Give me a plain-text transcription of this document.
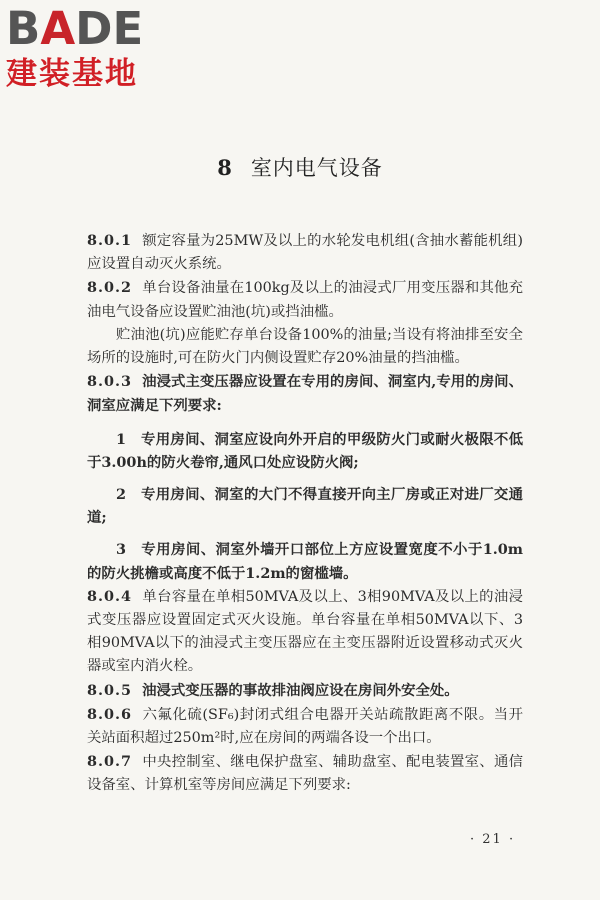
BADE
建装基地
8 室内电气设备

8.0.1 额定容量为25MW及以上的水轮发电机组(含抽水蓄能机组)应设置自动灭火系统。

8.0.2 单台设备油量在100kg及以上的油浸式厂用变压器和其他充油电气设备应设置贮油池(坑)或挡油槛。

贮油池(坑)应能贮存单台设备100%的油量;当设有将油排至安全场所的设施时,可在防火门内侧设置贮存20%油量的挡油槛。

8.0.3 油浸式主变压器应设置在专用的房间、洞室内,专用的房间、洞室应满足下列要求:

1　专用房间、洞室应设向外开启的甲级防火门或耐火极限不低于3.00h的防火卷帘,通风口处应设防火阀;

2　专用房间、洞室的大门不得直接开向主厂房或正对进厂交通道;

3　专用房间、洞室外墙开口部位上方应设置宽度不小于1.0m的防火挑檐或高度不低于1.2m的窗槛墙。

8.0.4 单台容量在单相50MVA及以上、3相90MVA及以上的油浸式变压器应设置固定式灭火设施。单台容量在单相50MVA以下、3相90MVA以下的油浸式主变压器应在主变压器附近设置移动式灭火器或室内消火栓。

8.0.5 油浸式变压器的事故排油阀应设在房间外安全处。

8.0.6 六氟化硫(SF₆)封闭式组合电器开关站疏散距离不限。当开关站面积超过250m²时,应在房间的两端各设一个出口。

8.0.7 中央控制室、继电保护盘室、辅助盘室、配电装置室、通信设备室、计算机室等房间应满足下列要求:

· 21 ·
